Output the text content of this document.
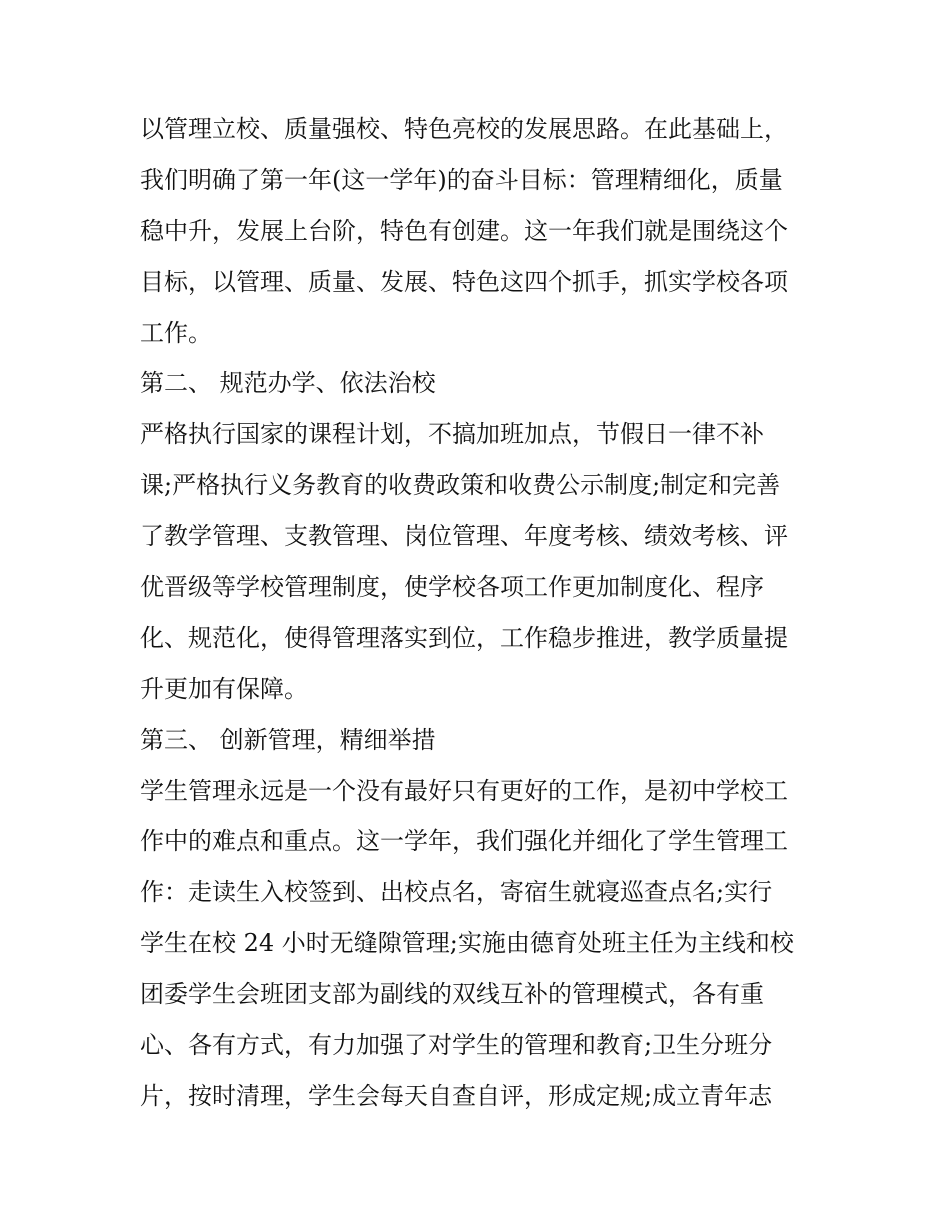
以管理立校、质量强校、特色亮校的发展思路。在此基础上，
我们明确了第一年(这一学年)的奋斗目标：管理精细化，质量
稳中升，发展上台阶，特色有创建。这一年我们就是围绕这个
目标，以管理、质量、发展、特色这四个抓手，抓实学校各项
工作。
第二、 规范办学、依法治校
严格执行国家的课程计划，不搞加班加点，节假日一律不补
课;严格执行义务教育的收费政策和收费公示制度;制定和完善
了教学管理、支教管理、岗位管理、年度考核、绩效考核、评
优晋级等学校管理制度，使学校各项工作更加制度化、程序
化、规范化，使得管理落实到位，工作稳步推进，教学质量提
升更加有保障。
第三、 创新管理，精细举措
学生管理永远是一个没有最好只有更好的工作，是初中学校工
作中的难点和重点。这一学年，我们强化并细化了学生管理工
作：走读生入校签到、出校点名，寄宿生就寝巡查点名;实行
学生在校 24 小时无缝隙管理;实施由德育处班主任为主线和校
团委学生会班团支部为副线的双线互补的管理模式，各有重
心、各有方式，有力加强了对学生的管理和教育;卫生分班分
片，按时清理，学生会每天自查自评，形成定规;成立青年志
